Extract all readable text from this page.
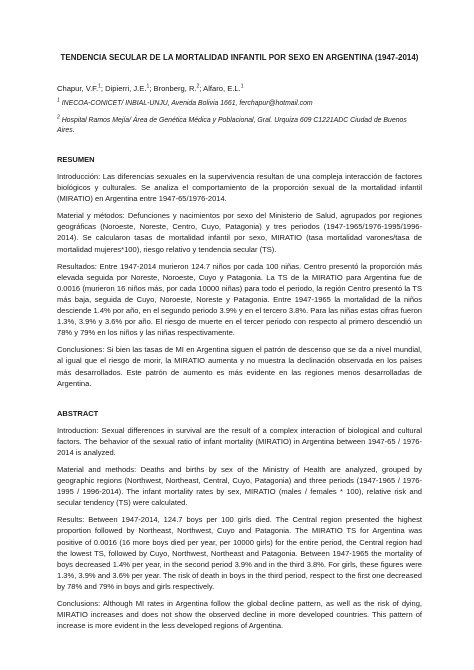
TENDENCIA SECULAR DE LA MORTALIDAD INFANTIL POR SEXO EN ARGENTINA (1947-2014)
Chapur, V.F.$^1$; Dipierri, J.E.$^1$; Bronberg, R.$^2$; Alfaro, E.L.$^1$
$^1$ INECOA-CONICET/ INBIAL-UNJU, Avenida Bolivia 1661, ferchapur@hotmail.com
$^2$ Hospital Ramos Mejía/ Área de Genética Médica y Poblacional, Gral. Urquiza 609 C1221ADC Ciudad de Buenos Aires.
RESUMEN

Introducción: Las diferencias sexuales en la supervivencia resultan de una compleja interacción de factores biológicos y culturales. Se analiza el comportamiento de la proporción sexual de la mortalidad infantil (MIRATIO) en Argentina entre 1947-65/1976-2014.

Material y métodos: Defunciones y nacimientos por sexo del Ministerio de Salud, agrupados por regiones geográficas (Noroeste, Noreste, Centro, Cuyo, Patagonia) y tres periodos (1947-1965/1976-1995/1996-2014). Se calcularon tasas de mortalidad infantil por sexo, MIRATIO (tasa mortalidad varones/tasa de mortalidad mujeres*100), riesgo relativo y tendencia secular (TS).

Resultados: Entre 1947-2014 murieron 124.7 niños por cada 100 niñas. Centro presentó la proporción más elevada seguida por Noreste, Noroeste, Cuyo y Patagonia. La TS de la MIRATIO para Argentina fue de 0.0016 (murieron 16 niños más, por cada 10000 niñas) para todo el periodo, la región Centro presentó la TS más baja, seguida de Cuyo, Noroeste, Noreste y Patagonia. Entre 1947-1965 la mortalidad de la niños desciende 1.4% por año, en el segundo periodo 3.9% y en el tercero 3.8%. Para las niñas estas cifras fueron 1.3%, 3.9% y 3.6% por año. El riesgo de muerte en el tercer periodo con respecto al primero descendió un 78% y 79% en los niños y las niñas respectivamente.

Conclusiones: Si bien las tasas de MI en Argentina siguen el patrón de descenso que se da a nivel mundial, al igual que el riesgo de morir, la MIRATIO aumenta y no muestra la declinación observada en los países más desarrollados. Este patrón de aumento es más evidente en las regiones menos desarrolladas de Argentina.

ABSTRACT

Introduction: Sexual differences in survival are the result of a complex interaction of biological and cultural factors. The behavior of the sexual ratio of infant mortality (MIRATIO) in Argentina between 1947-65 / 1976-2014 is analyzed.

Material and methods: Deaths and births by sex of the Ministry of Health are analyzed, grouped by geographic regions (Northwest, Northeast, Central, Cuyo, Patagonia) and three periods (1947-1965 / 1976-1995 / 1996-2014). The infant mortality rates by sex, MIRATIO (males / females * 100), relative risk and secular tendency (TS) were calculated.

Results: Between 1947-2014, 124.7 boys per 100 girls died. The Central region presented the highest proportion followed by Northeast, Northwest, Cuyo and Patagonia. The MIRATIO TS for Argentina was positive of 0.0016 (16 more boys died per year, per 10000 girls) for the entire period, the Central region had the lowest TS, followed by Cuyo, Northwest, Northeast and Patagonia. Between 1947-1965 the mortality of boys decreased 1.4% per year, in the second period 3.9% and in the third 3.8%. For girls, these figures were 1.3%, 3.9% and 3.6% per year. The risk of death in boys in the third period, respect to the first one decreased by 78% and 79% in boys and girls respectively.

Conclusions: Although MI rates in Argentina follow the global decline pattern, as well as the risk of dying, MIRATIO increases and does not show the observed decline in more developed countries. This pattern of increase is more evident in the less developed regions of Argentina.
